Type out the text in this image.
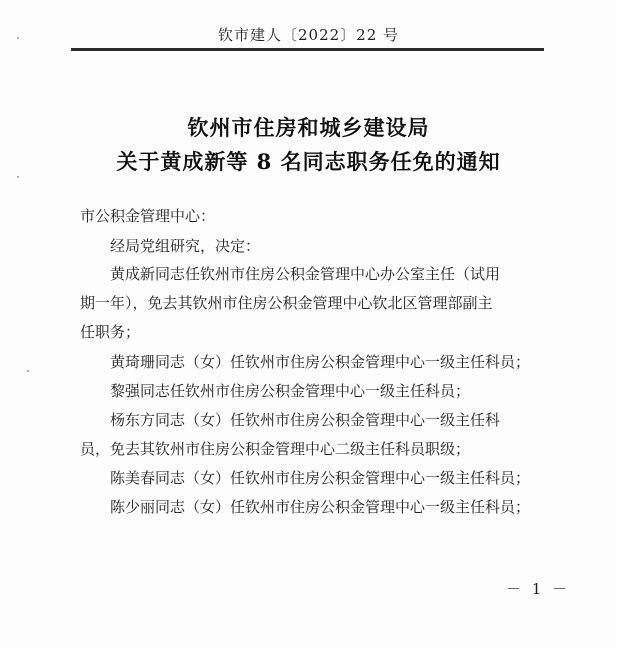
钦市建人〔2022〕22 号
钦州市住房和城乡建设局
关于黄成新等 8 名同志职务任免的通知
市公积金管理中心：
经局党组研究，决定：
黄成新同志任钦州市住房公积金管理中心办公室主任（试用
期一年），免去其钦州市住房公积金管理中心钦北区管理部副主
任职务；
黄琦珊同志（女）任钦州市住房公积金管理中心一级主任科员；
黎强同志任钦州市住房公积金管理中心一级主任科员；
杨东方同志（女）任钦州市住房公积金管理中心一级主任科
员，免去其钦州市住房公积金管理中心二级主任科员职级；
陈美春同志（女）任钦州市住房公积金管理中心一级主任科员；
陈少丽同志（女）任钦州市住房公积金管理中心一级主任科员；
－ 1 －
